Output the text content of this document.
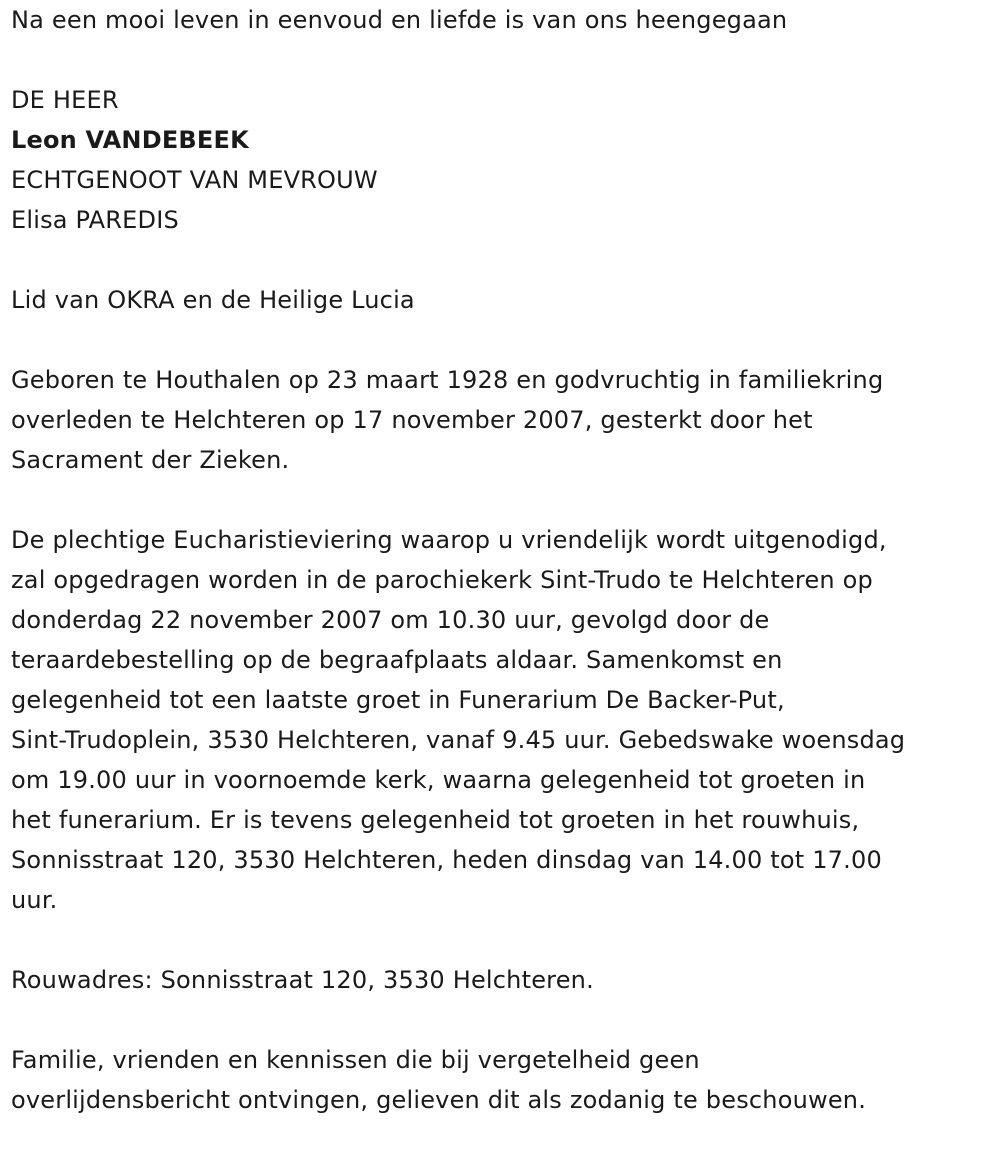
Na een mooi leven in eenvoud en liefde is van ons heengegaan
DE HEER
Leon VANDEBEEK
ECHTGENOOT VAN MEVROUW
Elisa PAREDIS
Lid van OKRA en de Heilige Lucia
Geboren te Houthalen op 23 maart 1928 en godvruchtig in familiekring
overleden te Helchteren op 17 november 2007, gesterkt door het
Sacrament der Zieken.
De plechtige Eucharistieviering waarop u vriendelijk wordt uitgenodigd,
zal opgedragen worden in de parochiekerk Sint-Trudo te Helchteren op
donderdag 22 november 2007 om 10.30 uur, gevolgd door de
teraardebestelling op de begraafplaats aldaar. Samenkomst en
gelegenheid tot een laatste groet in Funerarium De Backer-Put,
Sint-Trudoplein, 3530 Helchteren, vanaf 9.45 uur. Gebedswake woensdag
om 19.00 uur in voornoemde kerk, waarna gelegenheid tot groeten in
het funerarium. Er is tevens gelegenheid tot groeten in het rouwhuis,
Sonnisstraat 120, 3530 Helchteren, heden dinsdag van 14.00 tot 17.00
uur.
Rouwadres: Sonnisstraat 120, 3530 Helchteren.
Familie, vrienden en kennissen die bij vergetelheid geen
overlijdensbericht ontvingen, gelieven dit als zodanig te beschouwen.
